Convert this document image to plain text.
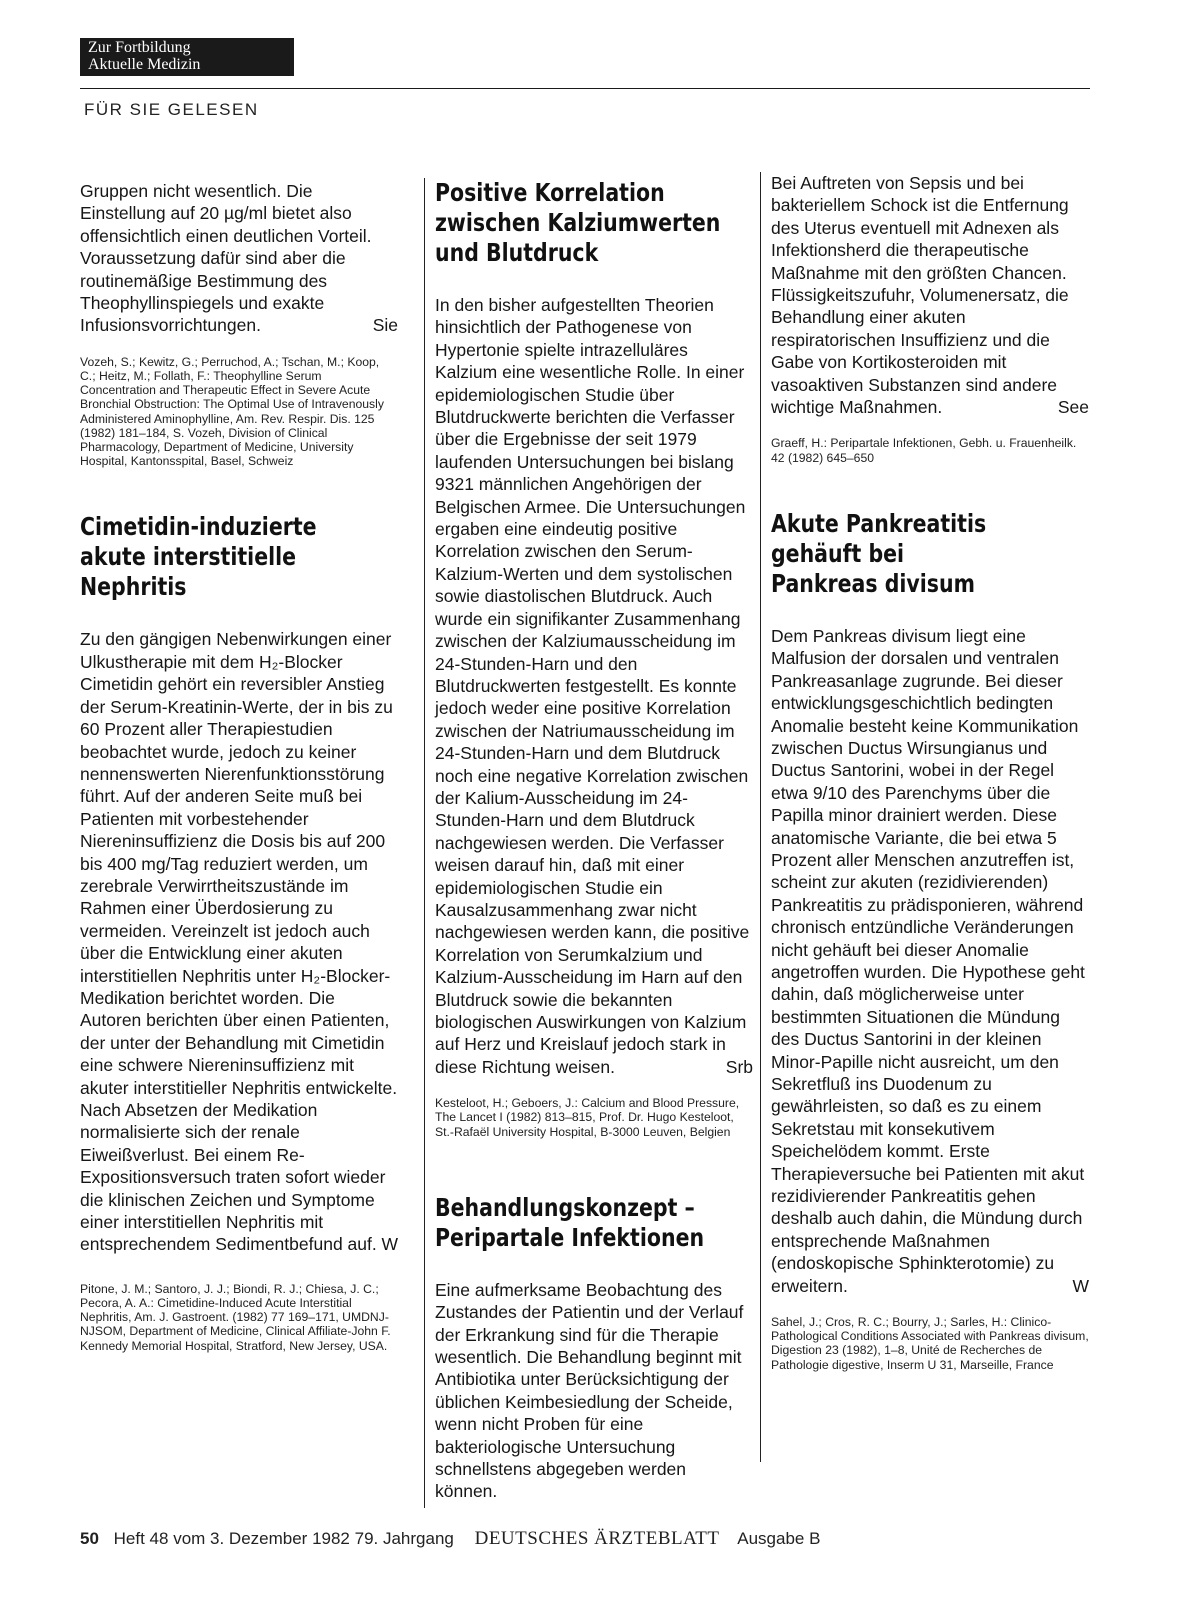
Zur Fortbildung
Aktuelle Medizin
FÜR SIE GELESEN

Gruppen nicht wesentlich. Die Einstellung auf 20 µg/ml bietet also offensichtlich einen deutlichen Vorteil. Voraussetzung dafür sind aber die routinemäßige Bestimmung des Theophyllinspiegels und exakte Infusionsvorrichtungen.	Sie

Vozeh, S.; Kewitz, G.; Perruchod, A.; Tschan, M.; Koop, C.; Heitz, M.; Follath, F.: Theophylline Serum Concentration and Therapeutic Effect in Severe Acute Bronchial Obstruction: The Optimal Use of Intravenously Administered Aminophylline, Am. Rev. Respir. Dis. 125 (1982) 181–184, S. Vozeh, Division of Clinical Pharmacology, Department of Medicine, University Hospital, Kantonsspital, Basel, Schweiz

Cimetidin-induzierte akute interstitielle Nephritis

Zu den gängigen Nebenwirkungen einer Ulkustherapie mit dem H₂-Blocker Cimetidin gehört ein reversibler Anstieg der Serum-Kreatinin-Werte, der in bis zu 60 Prozent aller Therapiestudien beobachtet wurde, jedoch zu keiner nennenswerten Nierenfunktionsstörung führt. Auf der anderen Seite muß bei Patienten mit vorbestehender Niereninsuffizienz die Dosis bis auf 200 bis 400 mg/Tag reduziert werden, um zerebrale Verwirrtheitszustände im Rahmen einer Überdosierung zu vermeiden. Vereinzelt ist jedoch auch über die Entwicklung einer akuten interstitiellen Nephritis unter H₂-Blocker-Medikation berichtet worden. Die Autoren berichten über einen Patienten, der unter der Behandlung mit Cimetidin eine schwere Niereninsuffizienz mit akuter interstitieller Nephritis entwickelte. Nach Absetzen der Medikation normalisierte sich der renale Eiweißverlust. Bei einem Re-Expositionsversuch traten sofort wieder die klinischen Zeichen und Symptome einer interstitiellen Nephritis mit entsprechendem Sedimentbefund auf. W

Pitone, J. M.; Santoro, J. J.; Biondi, R. J.; Chiesa, J. C.; Pecora, A. A.: Cimetidine-Induced Acute Interstitial Nephritis, Am. J. Gastroent. (1982) 77 169–171, UMDNJ-NJSOM, Department of Medicine, Clinical Affiliate-John F. Kennedy Memorial Hospital, Stratford, New Jersey, USA.

Positive Korrelation zwischen Kalziumwerten und Blutdruck

In den bisher aufgestellten Theorien hinsichtlich der Pathogenese von Hypertonie spielte intrazelluläres Kalzium eine wesentliche Rolle. In einer epidemiologischen Studie über Blutdruckwerte berichten die Verfasser über die Ergebnisse der seit 1979 laufenden Untersuchungen bei bislang 9321 männlichen Angehörigen der Belgischen Armee. Die Untersuchungen ergaben eine eindeutig positive Korrelation zwischen den Serum-Kalzium-Werten und dem systolischen sowie diastolischen Blutdruck. Auch wurde ein signifikanter Zusammenhang zwischen der Kalziumausscheidung im 24-Stunden-Harn und den Blutdruckwerten festgestellt. Es konnte jedoch weder eine positive Korrelation zwischen der Natriumausscheidung im 24-Stunden-Harn und dem Blutdruck noch eine negative Korrelation zwischen der Kalium-Ausscheidung im 24-Stunden-Harn und dem Blutdruck nachgewiesen werden. Die Verfasser weisen darauf hin, daß mit einer epidemiologischen Studie ein Kausalzusammenhang zwar nicht nachgewiesen werden kann, die positive Korrelation von Serumkalzium und Kalzium-Ausscheidung im Harn auf den Blutdruck sowie die bekannten biologischen Auswirkungen von Kalzium auf Herz und Kreislauf jedoch stark in diese Richtung weisen.	Srb

Kesteloot, H.; Geboers, J.: Calcium and Blood Pressure, The Lancet I (1982) 813–815, Prof. Dr. Hugo Kesteloot, St.-Rafaël University Hospital, B-3000 Leuven, Belgien

Behandlungskonzept – Peripartale Infektionen

Eine aufmerksame Beobachtung des Zustandes der Patientin und der Verlauf der Erkrankung sind für die Therapie wesentlich. Die Behandlung beginnt mit Antibiotika unter Berücksichtigung der üblichen Keimbesiedlung der Scheide, wenn nicht Proben für eine bakteriologische Untersuchung schnellstens abgegeben werden können.

Bei Auftreten von Sepsis und bei bakteriellem Schock ist die Entfernung des Uterus eventuell mit Adnexen als Infektionsherd die therapeutische Maßnahme mit den größten Chancen. Flüssigkeitszufuhr, Volumenersatz, die Behandlung einer akuten respiratorischen Insuffizienz und die Gabe von Kortikosteroiden mit vasoaktiven Substanzen sind andere wichtige Maßnahmen.	See

Graeff, H.: Peripartale Infektionen, Gebh. u. Frauenheilk. 42 (1982) 645–650

Akute Pankreatitis gehäuft bei Pankreas divisum

Dem Pankreas divisum liegt eine Malfusion der dorsalen und ventralen Pankreasanlage zugrunde. Bei dieser entwicklungsgeschichtlich bedingten Anomalie besteht keine Kommunikation zwischen Ductus Wirsungianus und Ductus Santorini, wobei in der Regel etwa 9/10 des Parenchyms über die Papilla minor drainiert werden. Diese anatomische Variante, die bei etwa 5 Prozent aller Menschen anzutreffen ist, scheint zur akuten (rezidivierenden) Pankreatitis zu prädisponieren, während chronisch entzündliche Veränderungen nicht gehäuft bei dieser Anomalie angetroffen wurden. Die Hypothese geht dahin, daß möglicherweise unter bestimmten Situationen die Mündung des Ductus Santorini in der kleinen Minor-Papille nicht ausreicht, um den Sekretfluß ins Duodenum zu gewährleisten, so daß es zu einem Sekretstau mit konsekutivem Speichelödem kommt. Erste Therapieversuche bei Patienten mit akut rezidivierender Pankreatitis gehen deshalb auch dahin, die Mündung durch entsprechende Maßnahmen (endoskopische Sphinkterotomie) zu erweitern.	W

Sahel, J.; Cros, R. C.; Bourry, J.; Sarles, H.: Clinico-Pathological Conditions Associated with Pankreas divisum, Digestion 23 (1982), 1–8, Unité de Recherches de Pathologie digestive, Inserm U 31, Marseille, France

50 Heft 48 vom 3. Dezember 1982 79. Jahrgang DEUTSCHES ÄRZTEBLATT Ausgabe B
